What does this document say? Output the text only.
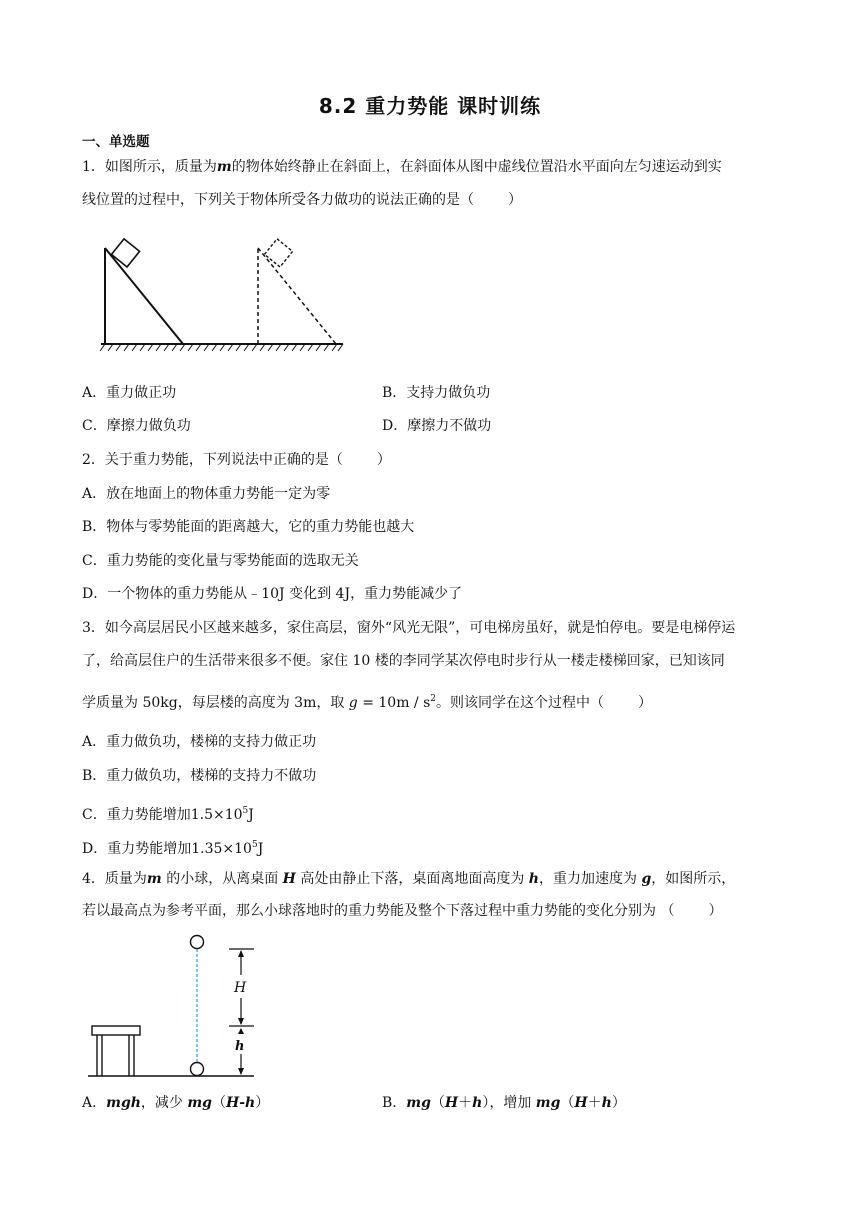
8.2 重力势能 课时训练
一、单选题
1．如图所示，质量为m的物体始终静止在斜面上，在斜面体从图中虚线位置沿水平面向左匀速运动到实
线位置的过程中，下列关于物体所受各力做功的说法正确的是（ ）
A．重力做正功	B．支持力做负功
C．摩擦力做负功	D．摩擦力不做功
2．关于重力势能，下列说法中正确的是（ ）
A．放在地面上的物体重力势能一定为零
B．物体与零势能面的距离越大，它的重力势能也越大
C．重力势能的变化量与零势能面的选取无关
D．一个物体的重力势能从﹣10J 变化到 4J，重力势能减少了
3．如今高层居民小区越来越多，家住高层，窗外“风光无限”，可电梯房虽好，就是怕停电。要是电梯停运
了，给高层住户的生活带来很多不便。家住 10 楼的李同学某次停电时步行从一楼走楼梯回家，已知该同
学质量为 50kg，每层楼的高度为 3m，取 $g = 10m / s^2$。则该同学在这个过程中（ ）
A．重力做负功，楼梯的支持力做正功
B．重力做负功，楼梯的支持力不做功
C．重力势能增加$1.5\times 10^5J$
D．重力势能增加$1.35\times 10^5J$
4．质量为m 的小球，从离桌面 H 高处由静止下落，桌面离地面高度为 h，重力加速度为 g，如图所示，
若以最高点为参考平面，那么小球落地时的重力势能及整个下落过程中重力势能的变化分别为 （ ）
H
h
A．mgh，减少 mg（H-h）	B．mg（H＋h），增加 mg（H＋h）
